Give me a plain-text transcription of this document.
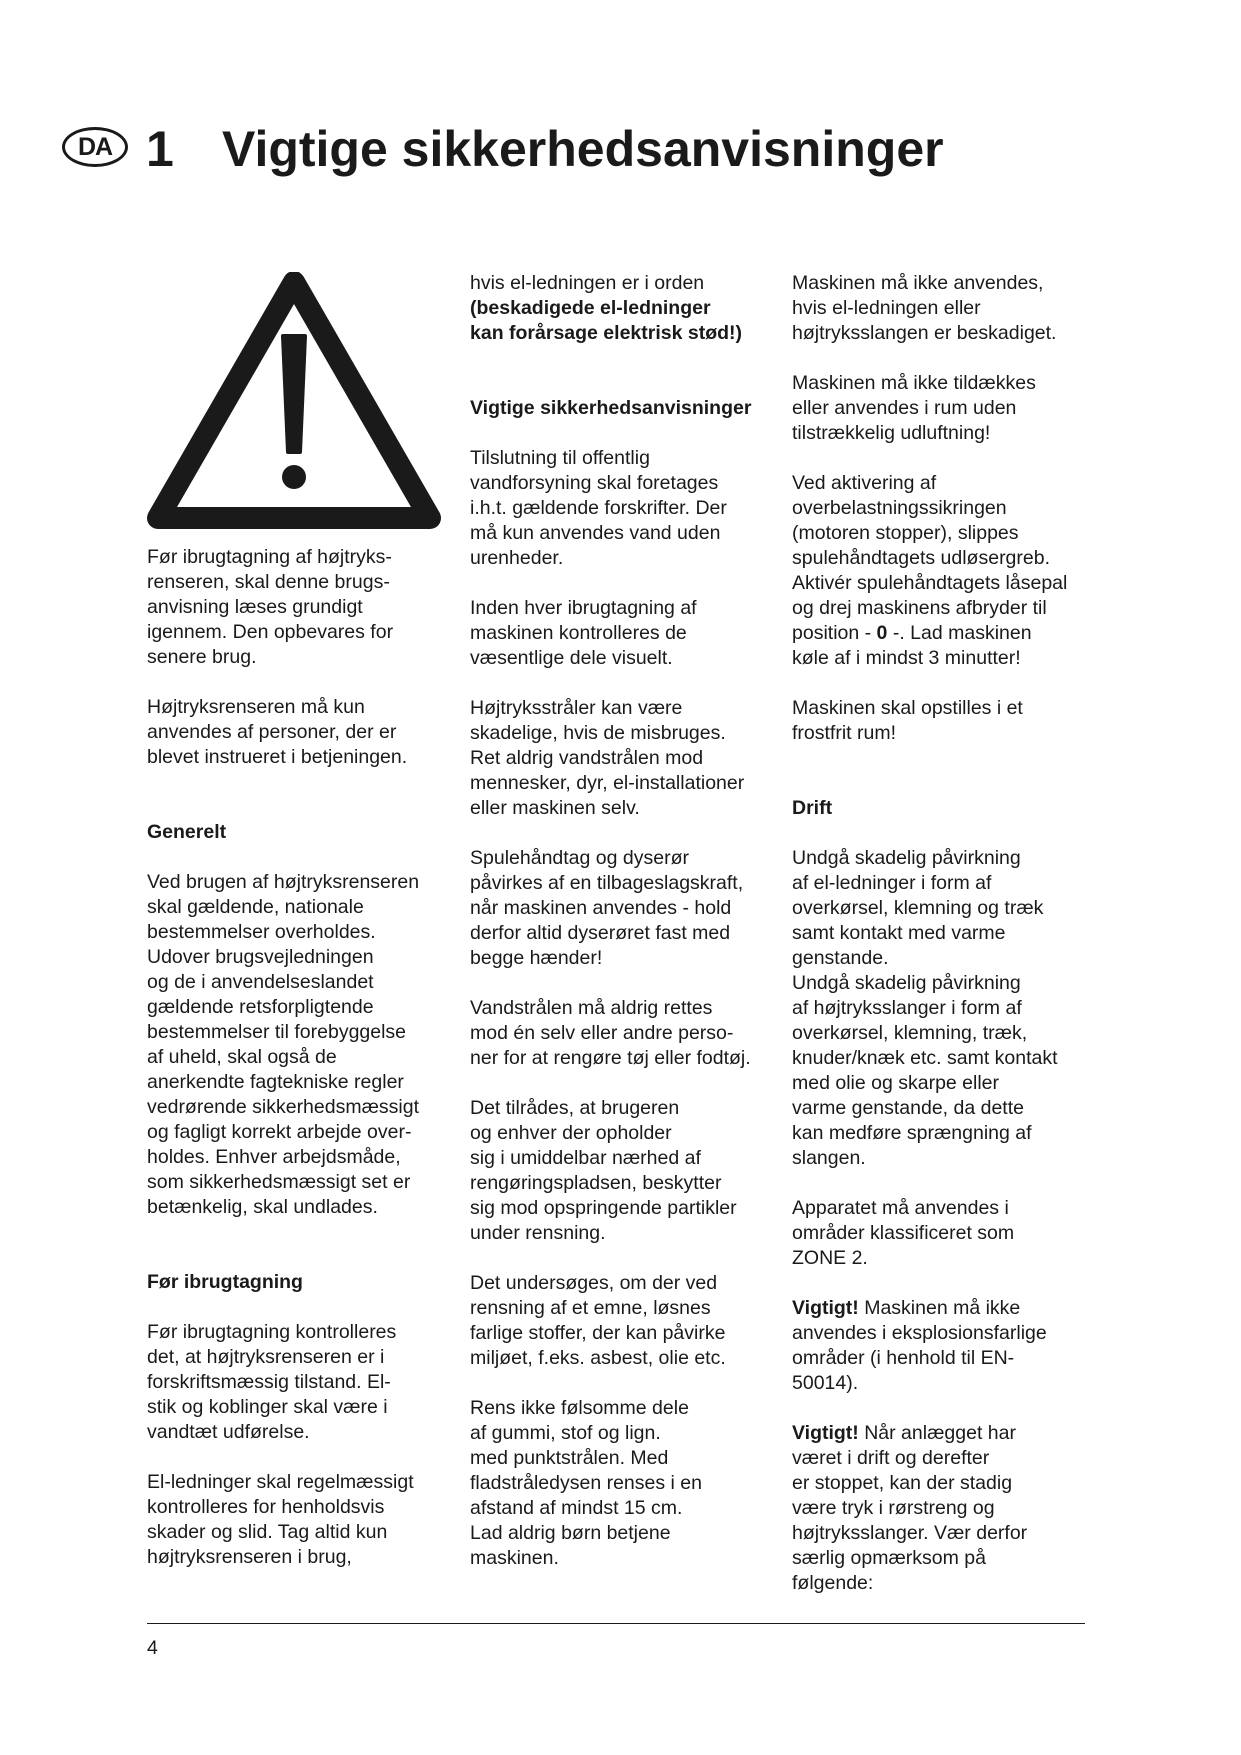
DA 1 Vigtige sikkerhedsanvisninger

Før ibrugtagning af højtryks-
renseren, skal denne brugs-
anvisning læses grundigt
igennem. Den opbevares for
senere brug.

Højtryksrenseren må kun
anvendes af personer, der er
blevet instrueret i betjeningen.

Generelt

Ved brugen af højtryksrenseren
skal gældende, nationale
bestemmelser overholdes.
Udover brugsvejledningen
og de i anvendelseslandet
gældende retsforpligtende
bestemmelser til forebyggelse
af uheld, skal også de
anerkendte fagtekniske regler
vedrørende sikkerhedsmæssigt
og fagligt korrekt arbejde over-
holdes. Enhver arbejdsmåde,
som sikkerhedsmæssigt set er
betænkelig, skal undlades.

Før ibrugtagning

Før ibrugtagning kontrolleres
det, at højtryksrenseren er i
forskriftsmæssig tilstand. El-
stik og koblinger skal være i
vandtæt udførelse.

El-ledninger skal regelmæssigt
kontrolleres for henholdsvis
skader og slid. Tag altid kun
højtryksrenseren i brug,

hvis el-ledningen er i orden

(beskadigede el-ledninger
kan forårsage elektrisk stød!)

Vigtige sikkerhedsanvisninger

Tilslutning til offentlig
vandforsyning skal foretages
i.h.t. gældende forskrifter. Der
må kun anvendes vand uden
urenheder.

Inden hver ibrugtagning af
maskinen kontrolleres de
væsentlige dele visuelt.

Højtryksstråler kan være
skadelige, hvis de misbruges.
Ret aldrig vandstrålen mod
mennesker, dyr, el-installationer
eller maskinen selv.

Spulehåndtag og dyserør
påvirkes af en tilbageslagskraft,
når maskinen anvendes - hold
derfor altid dyserøret fast med
begge hænder!

Vandstrålen må aldrig rettes
mod én selv eller andre perso-
ner for at rengøre tøj eller fodtøj.

Det tilrådes, at brugeren
og enhver der opholder
sig i umiddelbar nærhed af
rengøringspladsen, beskytter
sig mod opspringende partikler
under rensning.

Det undersøges, om der ved
rensning af et emne, løsnes
farlige stoffer, der kan påvirke
miljøet, f.eks. asbest, olie etc.

Rens ikke følsomme dele
af gummi, stof og lign.
med punktstrålen. Med
fladstråledysen renses i en
afstand af mindst 15 cm.
Lad aldrig børn betjene
maskinen.

Maskinen må ikke anvendes,
hvis el-ledningen eller
højtryksslangen er beskadiget.

Maskinen må ikke tildækkes
eller anvendes i rum uden
tilstrækkelig udluftning!

Ved aktivering af
overbelastningssikringen
(motoren stopper), slippes
spulehåndtagets udløsergreb.
Aktivér spulehåndtagets låsepal
og drej maskinens afbryder til
position - 0 -. Lad maskinen
køle af i mindst 3 minutter!

Maskinen skal opstilles i et
frostfrit rum!

Drift

Undgå skadelig påvirkning
af el-ledninger i form af
overkørsel, klemning og træk
samt kontakt med varme
genstande.
Undgå skadelig påvirkning
af højtryksslanger i form af
overkørsel, klemning, træk,
knuder/knæk etc. samt kontakt
med olie og skarpe eller
varme genstande, da dette
kan medføre sprængning af
slangen.

Apparatet må anvendes i
områder klassificeret som
ZONE 2.

Vigtigt! Maskinen må ikke
anvendes i eksplosionsfarlige
områder (i henhold til EN-
50014).

Vigtigt! Når anlægget har
været i drift og derefter
er stoppet, kan der stadig
være tryk i rørstreng og
højtryksslanger. Vær derfor
særlig opmærksom på
følgende:

4
